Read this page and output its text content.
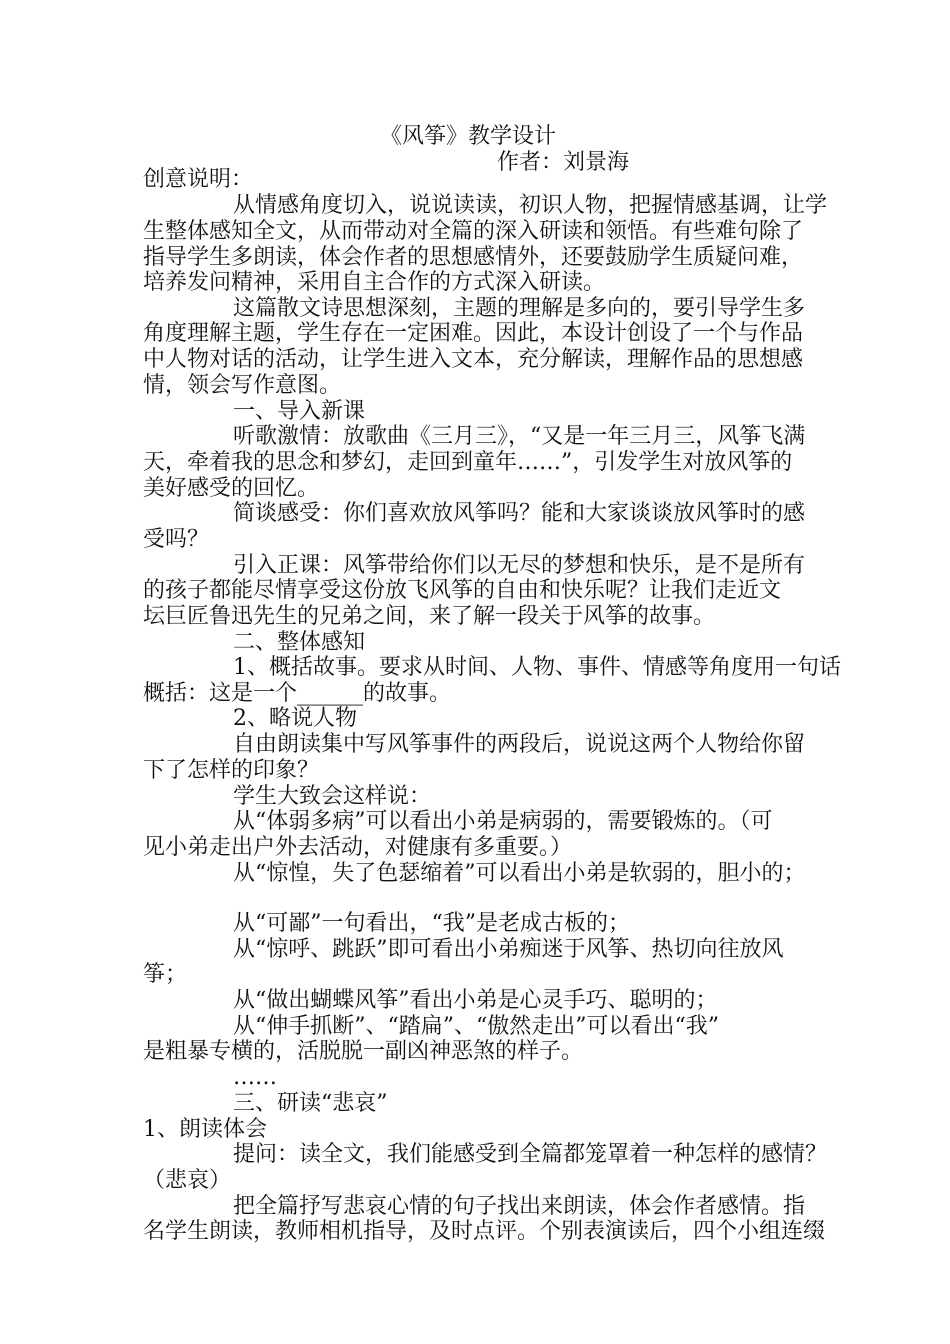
《风筝》教学设计
作者：刘景海
创意说明：
从情感角度切入，说说读读，初识人物，把握情感基调，让学
生整体感知全文，从而带动对全篇的深入研读和领悟。有些难句除了
指导学生多朗读，体会作者的思想感情外，还要鼓励学生质疑问难，
培养发问精神，采用自主合作的方式深入研读。
这篇散文诗思想深刻，主题的理解是多向的，要引导学生多
角度理解主题，学生存在一定困难。因此，本设计创设了一个与作品
中人物对话的活动，让学生进入文本，充分解读，理解作品的思想感
情，领会写作意图。
一、导入新课
听歌激情：放歌曲《三月三》，“又是一年三月三，风筝飞满
天，牵着我的思念和梦幻，走回到童年……”，引发学生对放风筝的
美好感受的回忆。
简谈感受：你们喜欢放风筝吗？能和大家谈谈放风筝时的感
受吗？
引入正课：风筝带给你们以无尽的梦想和快乐，是不是所有
的孩子都能尽情享受这份放飞风筝的自由和快乐呢？让我们走近文
坛巨匠鲁迅先生的兄弟之间，来了解一段关于风筝的故事。
二、整体感知
1、概括故事。要求从时间、人物、事件、情感等角度用一句话
概括：这是一个______的故事。
2、略说人物
自由朗读集中写风筝事件的两段后，说说这两个人物给你留
下了怎样的印象？
学生大致会这样说：
从“体弱多病”可以看出小弟是病弱的，需要锻炼的。（可
见小弟走出户外去活动，对健康有多重要。）
从“惊惶，失了色瑟缩着”可以看出小弟是软弱的，胆小的；
从“可鄙”一句看出，“我”是老成古板的；
从“惊呼、跳跃”即可看出小弟痴迷于风筝、热切向往放风
筝；
从“做出蝴蝶风筝”看出小弟是心灵手巧、聪明的；
从“伸手抓断”、“踏扁”、“傲然走出”可以看出“我”
是粗暴专横的，活脱脱一副凶神恶煞的样子。
……
三、研读“悲哀”
1、朗读体会
提问：读全文，我们能感受到全篇都笼罩着一种怎样的感情？
（悲哀）
把全篇抒写悲哀心情的句子找出来朗读，体会作者感情。指
名学生朗读，教师相机指导，及时点评。个别表演读后，四个小组连缀
